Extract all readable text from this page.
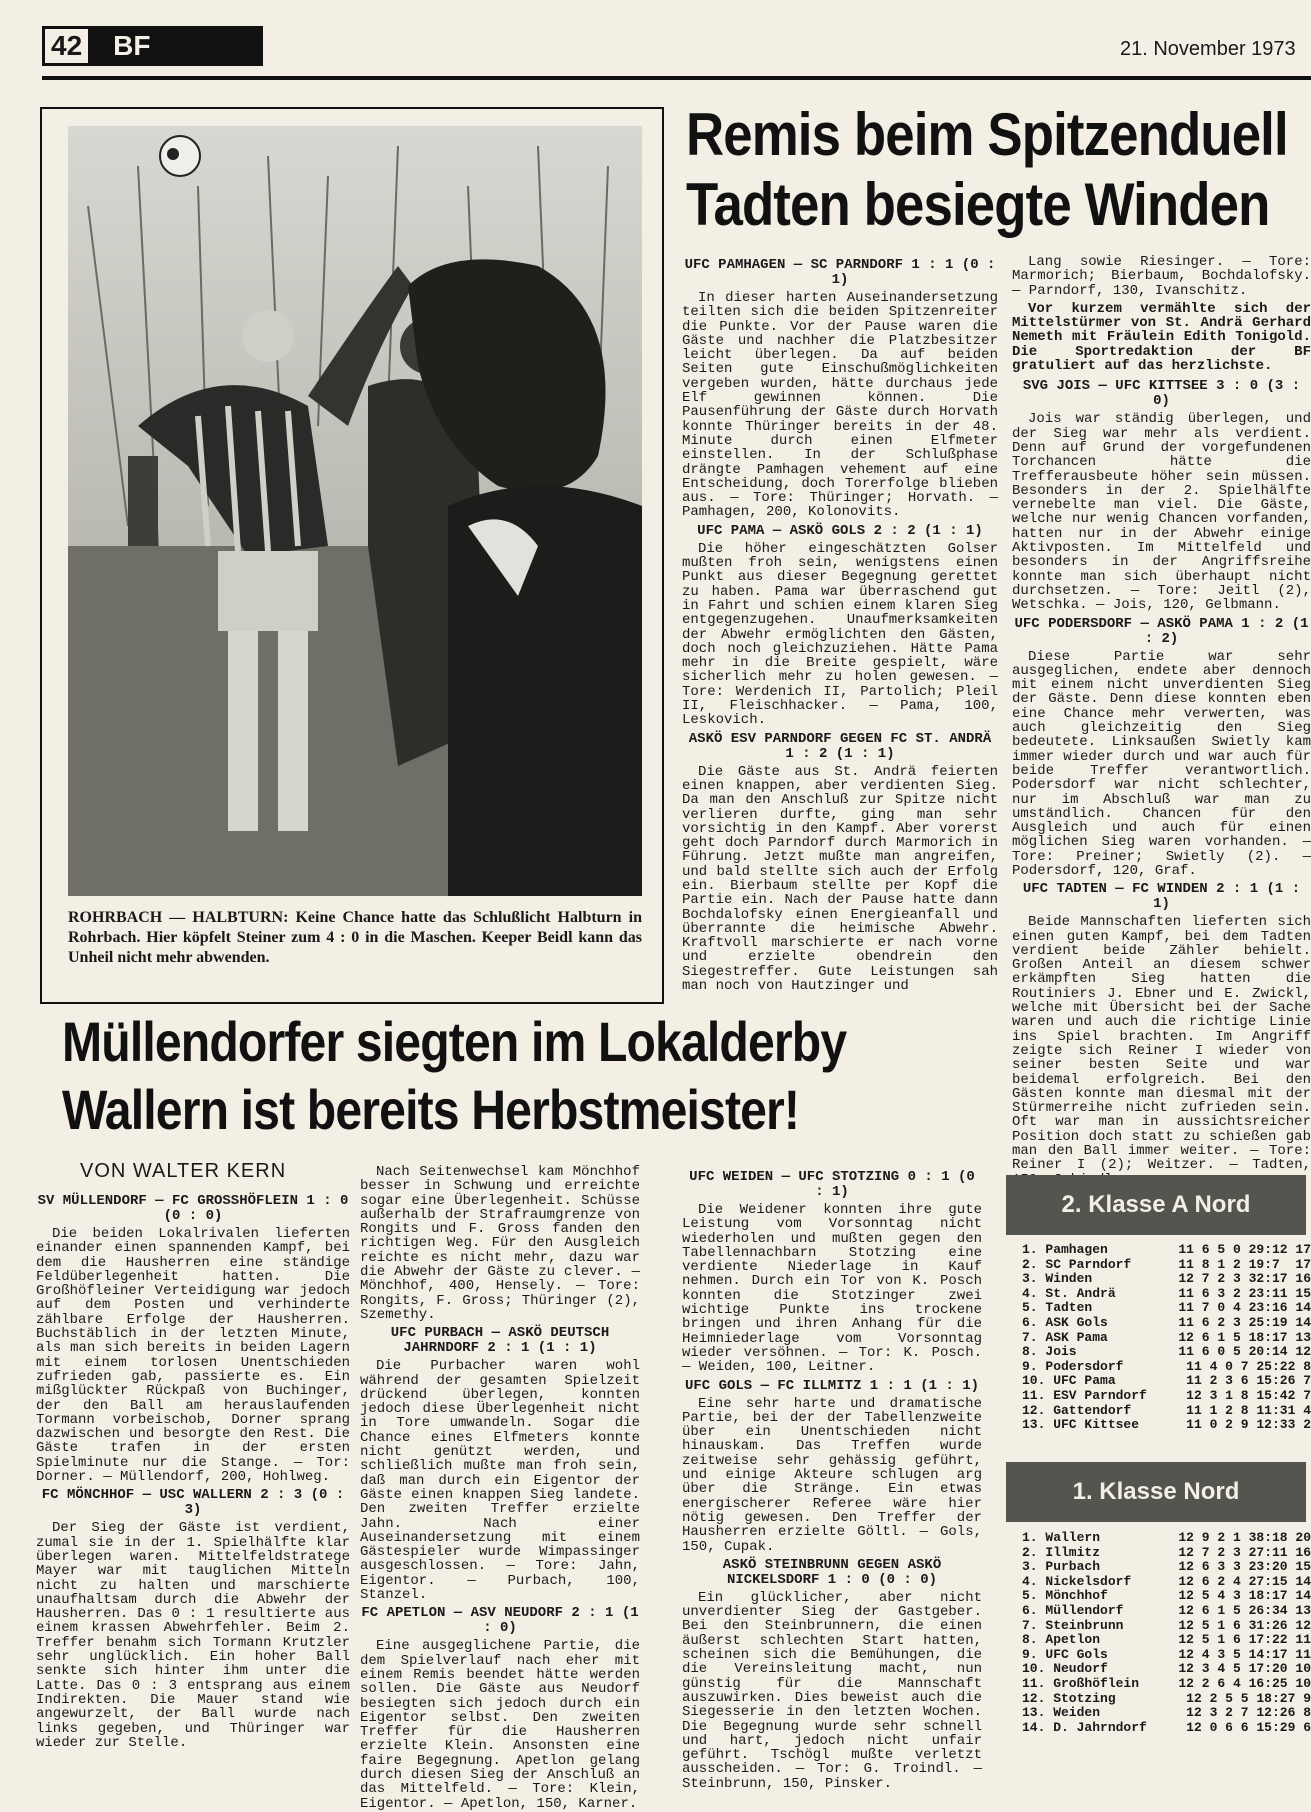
42	BF	21. November 1973
ROHRBACH — HALBTURN: Keine Chance hatte das Schlußlicht Halbturn in Rohrbach. Hier köpfelt Steiner zum 4 : 0 in die Maschen. Keeper Beidl kann das Unheil nicht mehr abwenden.
Remis beim Spitzenduell
Tadten besiegte Winden
UFC PAMHAGEN — SC PARNDORF 1 : 1 (0 : 1)

In dieser harten Auseinandersetzung teilten sich die beiden Spitzenreiter die Punkte. Vor der Pause waren die Gäste und nachher die Platzbesitzer leicht überlegen. Da auf beiden Seiten gute Einschußmöglichkeiten vergeben wurden, hätte durchaus jede Elf gewinnen können. Die Pausenführung der Gäste durch Horvath konnte Thüringer bereits in der 48. Minute durch einen Elfmeter einstellen. In der Schlußphase drängte Pamhagen vehement auf eine Entscheidung, doch Torerfolge blieben aus. — Tore: Thüringer; Horvath. — Pamhagen, 200, Kolonovits.

UFC PAMA — ASKÖ GOLS 2 : 2 (1 : 1)

Die höher eingeschätzten Golser mußten froh sein, wenigstens einen Punkt aus dieser Begegnung gerettet zu haben. Pama war überraschend gut in Fahrt und schien einem klaren Sieg entgegenzugehen. Unaufmerksamkeiten der Abwehr ermöglichten den Gästen, doch noch gleichzuziehen. Hätte Pama mehr in die Breite gespielt, wäre sicherlich mehr zu holen gewesen. — Tore: Werdenich II, Partolich; Pleil II, Fleischhacker. — Pama, 100, Leskovich.

ASKÖ ESV PARNDORF GEGEN FC ST. ANDRÄ 1 : 2 (1 : 1)

Die Gäste aus St. Andrä feierten einen knappen, aber verdienten Sieg. Da man den Anschluß zur Spitze nicht verlieren durfte, ging man sehr vorsichtig in den Kampf. Aber vorerst geht doch Parndorf durch Marmorich in Führung. Jetzt mußte man angreifen, und bald stellte sich auch der Erfolg ein. Bierbaum stellte per Kopf die Partie ein. Nach der Pause hatte dann Bochdalofsky einen Energieanfall und überrannte die heimische Abwehr. Kraftvoll marschierte er nach vorne und erzielte obendrein den Siegestreffer. Gute Leistungen sah man noch von Hautzinger und

Lang sowie Riesinger. — Tore: Marmorich; Bierbaum, Bochdalofsky. — Parndorf, 130, Ivanschitz.

Vor kurzem vermählte sich der Mittelstürmer von St. Andrä Gerhard Nemeth mit Fräulein Edith Tonigold. Die Sportredaktion der BF gratuliert auf das herzlichste.

SVG JOIS — UFC KITTSEE 3 : 0 (3 : 0)

Jois war ständig überlegen, und der Sieg war mehr als verdient. Denn auf Grund der vorgefundenen Torchancen hätte die Trefferausbeute höher sein müssen. Besonders in der 2. Spielhälfte vernebelte man viel. Die Gäste, welche nur wenig Chancen vorfanden, hatten nur in der Abwehr einige Aktivposten. Im Mittelfeld und besonders in der Angriffsreihe konnte man sich überhaupt nicht durchsetzen. — Tore: Jeitl (2), Wetschka. — Jois, 120, Gelbmann.

UFC PODERSDORF — ASKÖ PAMA 1 : 2 (1 : 2)

Diese Partie war sehr ausgeglichen, endete aber dennoch mit einem nicht unverdienten Sieg der Gäste. Denn diese konnten eben eine Chance mehr verwerten, was auch gleichzeitig den Sieg bedeutete. Linksaußen Swietly kam immer wieder durch und war auch für beide Treffer verantwortlich. Podersdorf war nicht schlechter, nur im Abschluß war man zu umständlich. Chancen für den Ausgleich und auch für einen möglichen Sieg waren vorhanden. — Tore: Preiner; Swietly (2). — Podersdorf, 120, Graf.

UFC TADTEN — FC WINDEN 2 : 1 (1 : 1)

Beide Mannschaften lieferten sich einen guten Kampf, bei dem Tadten verdient beide Zähler behielt. Großen Anteil an diesem schwer erkämpften Sieg hatten die Routiniers J. Ebner und E. Zwickl, welche mit Übersicht bei der Sache waren und auch die richtige Linie ins Spiel brachten. Im Angriff zeigte sich Reiner I wieder von seiner besten Seite und war beidemal erfolgreich. Bei den Gästen konnte man diesmal mit der Stürmerreihe nicht zufrieden sein. Oft war man in aussichtsreicher Position doch statt zu schießen gab man den Ball immer weiter. — Tore: Reiner I (2); Weitzer. — Tadten,

Müllendorfer siegten im Lokalderby
Wallern ist bereits Herbstmeister!
VON WALTER KERN
SV MÜLLENDORF — FC GROSSHÖFLEIN 1 : 0 (0 : 0)

Die beiden Lokalrivalen lieferten einander einen spannenden Kampf, bei dem die Hausherren eine ständige Feldüberlegenheit hatten. Die Großhöfleiner Verteidigung war jedoch auf dem Posten und verhinderte zählbare Erfolge der Hausherren. Buchstäblich in der letzten Minute, als man sich bereits in beiden Lagern mit einem torlosen Unentschieden zufrieden gab, passierte es. Ein mißglückter Rückpaß von Buchinger, der den Ball am herauslaufenden Tormann vorbeischob, Dorner sprang dazwischen und besorgte den Rest. Die Gäste trafen in der ersten Spielminute nur die Stange. — Tor: Dorner. — Müllendorf, 200, Hohlweg.

FC MÖNCHHOF — USC WALLERN 2 : 3 (0 : 3)

Der Sieg der Gäste ist verdient, zumal sie in der 1. Spielhälfte klar überlegen waren. Mittelfeldstratege Mayer war mit tauglichen Mitteln nicht zu halten und marschierte unaufhaltsam durch die Abwehr der Hausherren. Das 0 : 1 resultierte aus einem krassen Abwehrfehler. Beim 2. Treffer benahm sich Tormann Krutzler sehr unglücklich. Ein hoher Ball senkte sich hinter ihm unter die Latte. Das 0 : 3 entsprang aus einem Indirekten. Die Mauer stand wie angewurzelt, der Ball wurde nach links gegeben, und Thüringer war wieder zur Stelle.

Nach Seitenwechsel kam Mönchhof besser in Schwung und erreichte sogar eine Überlegenheit. Schüsse außerhalb der Strafraumgrenze von Rongits und F. Gross fanden den richtigen Weg. Für den Ausgleich reichte es nicht mehr, dazu war die Abwehr der Gäste zu clever. — Mönchhof, 400, Hensely. — Tore: Rongits, F. Gross; Thüringer (2), Szemethy.

UFC PURBACH — ASKÖ DEUTSCH JAHRNDORF 2 : 1 (1 : 1)

Die Purbacher waren wohl während der gesamten Spielzeit drückend überlegen, konnten jedoch diese Überlegenheit nicht in Tore umwandeln. Sogar die Chance eines Elfmeters konnte nicht genützt werden, und schließlich mußte man froh sein, daß man durch ein Eigentor der Gäste einen knappen Sieg landete. Den zweiten Treffer erzielte Jahn. Nach einer Auseinandersetzung mit einem Gästespieler wurde Wimpassinger ausgeschlossen. — Tore: Jahn, Eigentor. — Purbach, 100, Stanzel.

FC APETLON — ASV NEUDORF 2 : 1 (1 : 0)

Eine ausgeglichene Partie, die dem Spielverlauf nach eher mit einem Remis beendet hätte werden sollen. Die Gäste aus Neudorf besiegten sich jedoch durch ein Eigentor selbst. Den zweiten Treffer für die Hausherren erzielte Klein. Ansonsten eine faire Begegnung. Apetlon gelang durch diesen Sieg der Anschluß an das Mittelfeld. — Tore: Klein, Eigentor. — Apetlon, 150, Karner.

UFC WEIDEN — UFC STOTZING 0 : 1 (0 : 1)

Die Weidener konnten ihre gute Leistung vom Vorsonntag nicht wiederholen und mußten gegen den Tabellennachbarn Stotzing eine verdiente Niederlage in Kauf nehmen. Durch ein Tor von K. Posch konnten die Stotzinger zwei wichtige Punkte ins trockene bringen und ihren Anhang für die Heimniederlage vom Vorsonntag wieder versöhnen. — Tor: K. Posch. — Weiden, 100, Leitner.

UFC GOLS — FC ILLMITZ 1 : 1 (1 : 1)

Eine sehr harte und dramatische Partie, bei der der Tabellenzweite über ein Unentschieden nicht hinauskam. Das Treffen wurde zeitweise sehr gehässig geführt, und einige Akteure schlugen arg über die Stränge. Ein etwas energischerer Referee wäre hier nötig gewesen. Den Treffer der Hausherren erzielte Göltl. — Gols, 150, Cupak.

ASKÖ STEINBRUNN GEGEN ASKÖ NICKELSDORF 1 : 0 (0 : 0)

Ein glücklicher, aber nicht unverdienter Sieg der Gastgeber. Bei den Steinbrunnern, die einen äußerst schlechten Start hatten, scheinen sich die Bemühungen, die die Vereinsleitung macht, nun günstig für die Mannschaft auszuwirken. Dies beweist auch die Siegesserie in den letzten Wochen. Die Begegnung wurde sehr schnell und hart, jedoch nicht unfair geführt. Tschögl mußte verletzt ausscheiden. — Tor: G. Troindl. — Steinbrunn, 150, Pinsker.

2. Klasse A Nord
1. Pamhagen	11 6 5 0 29:12 17
2. SC Parndorf	11 8 1 2 19:7  17
3. Winden	12 7 2 3 32:17 16
4. St. Andrä	11 6 3 2 23:11 15
5. Tadten	11 7 0 4 23:16 14
6. ASK Gols	11 6 2 3 25:19 14
7. ASK Pama	12 6 1 5 18:17 13
8. Jois	11 6 0 5 20:14 12
9. Podersdorf	11 4 0 7 25:22 8
10. UFC Pama	11 2 3 6 15:26 7
11. ESV Parndorf	12 3 1 8 15:42 7
12. Gattendorf	11 1 2 8 11:31 4
13. UFC Kittsee	11 0 2 9 12:33 2
1. Klasse Nord
1. Wallern	12 9 2 1 38:18 20
2. Illmitz	12 7 2 3 27:11 16
3. Purbach	12 6 3 3 23:20 15
4. Nickelsdorf	12 6 2 4 27:15 14
5. Mönchhof	12 5 4 3 18:17 14
6. Müllendorf	12 6 1 5 26:34 13
7. Steinbrunn	12 5 1 6 31:26 12
8. Apetlon	12 5 1 6 17:22 11
9. UFC Gols	12 4 3 5 14:17 11
10. Neudorf	12 3 4 5 17:20 10
11. Großhöflein	12 2 6 4 16:25 10
12. Stotzing	12 2 5 5 18:27 9
13. Weiden	12 3 2 7 12:26 8
14. D. Jahrndorf	12 0 6 6 15:29 6
